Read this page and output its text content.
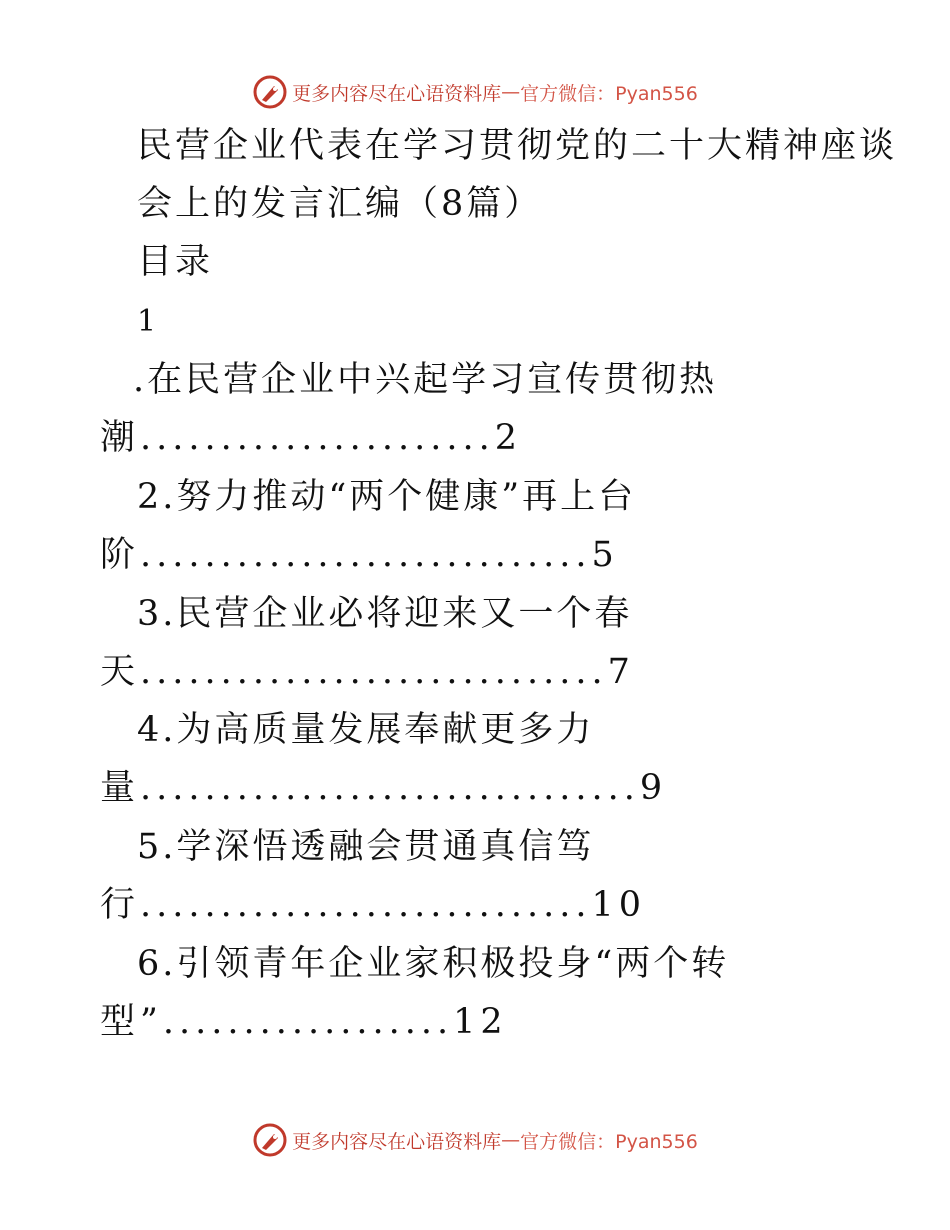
更多内容尽在心语资料库 — 官方微信：Pyan556
民营企业代表在学习贯彻党的二十大精神座谈
会上的发言汇编（8篇）
目录
1
.在民营企业中兴起学习宣传贯彻热
潮......................2
2.努力推动“两个健康”再上台
阶............................5
3.民营企业必将迎来又一个春
天.............................7
4.为高质量发展奉献更多力
量...............................9
5.学深悟透融会贯通真信笃
行............................10
6.引领青年企业家积极投身“两个转
型”..................12
更多内容尽在心语资料库 — 官方微信：Pyan556
